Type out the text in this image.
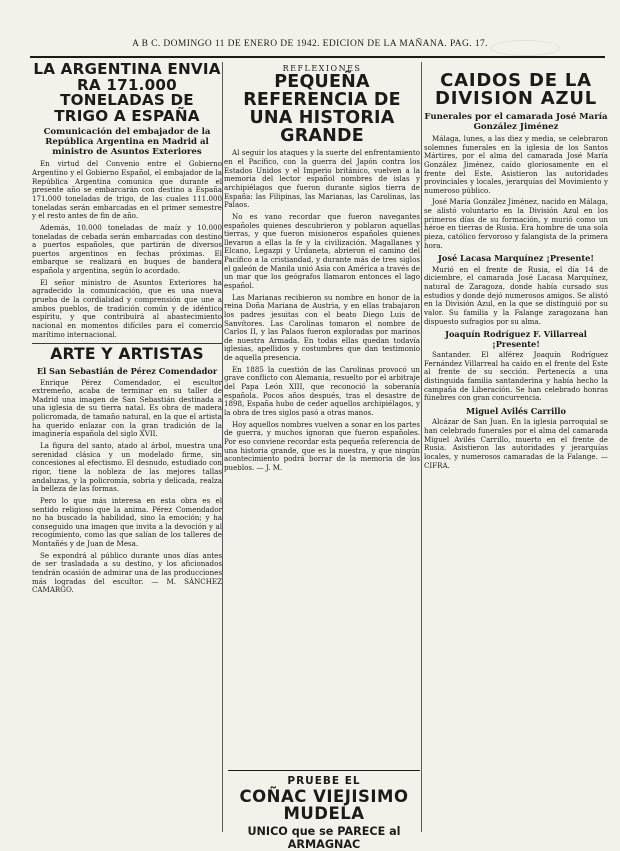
A B C. DOMINGO 11 DE ENERO DE 1942. EDICION DE LA MAÑANA. PAG. 17.
LA ARGENTINA ENVIA RA 171.000 TONELADAS DE TRIGO A ESPAÑA
Comunicación del embajador de la República Argentina en Madrid al ministro de Asuntos Exteriores

En virtud del Convenio entre el Gobierno Argentino y el Gobierno Español, el embajador de la República Argentina comunica que durante el presente año se embarcarán con destino a España 171.000 toneladas de trigo, de las cuales 111.000 toneladas serán embarcadas en el primer semestre y el resto antes de fin de año.

Además, 10.000 toneladas de maíz y 10.000 toneladas de cebada serán embarcadas con destino a puertos españoles, que partirán de diversos puertos argentinos en fechas próximas. El embarque se realizará en buques de bandera española y argentina, según lo acordado.

El señor ministro de Asuntos Exteriores ha agradecido la comunicación, que es una nueva prueba de la cordialidad y comprensión que une a ambos pueblos, de tradición común y de idéntico espíritu, y que contribuirá al abastecimiento nacional en momentos difíciles para el comercio marítimo internacional.

ARTE Y ARTISTAS
El San Sebastián de Pérez Comendador

Enrique Pérez Comendador, el escultor extremeño, acaba de terminar en su taller de Madrid una imagen de San Sebastián destinada a una iglesia de su tierra natal. Es obra de madera policromada, de tamaño natural, en la que el artista ha querido enlazar con la gran tradición de la imaginería española del siglo XVII.

La figura del santo, atado al árbol, muestra una serenidad clásica y un modelado firme, sin concesiones al efectismo. El desnudo, estudiado con rigor, tiene la nobleza de las mejores tallas andaluzas, y la policromía, sobria y delicada, realza la belleza de las formas.

Pero lo que más interesa en esta obra es el sentido religioso que la anima. Pérez Comendador no ha buscado la habilidad, sino la emoción; y ha conseguido una imagen que invita a la devoción y al recogimiento, como las que salían de los talleres de Montañés y de Juan de Mesa.

Se expondrá al público durante unos días antes de ser trasladada a su destino, y los aficionados tendrán ocasión de admirar una de las producciones más logradas del escultor. — M. SÁNCHEZ CAMARGO.

REFLEXIONES
PEQUEÑA REFERENCIA DE UNA HISTORIA GRANDE

Al seguir los ataques y la suerte del enfrentamiento en el Pacífico, con la guerra del Japón contra los Estados Unidos y el Imperio británico, vuelven a la memoria del lector español nombres de islas y archipiélagos que fueron durante siglos tierra de España: las Filipinas, las Marianas, las Carolinas, las Palaos.

No es vano recordar que fueron navegantes españoles quienes descubrieron y poblaron aquellas tierras, y que fueron misioneros españoles quienes llevaron a ellas la fe y la civilización. Magallanes y Elcano, Legazpi y Urdaneta, abrieron el camino del Pacífico a la cristiandad, y durante más de tres siglos el galeón de Manila unió Asia con América a través de un mar que los geógrafos llamaron entonces el lago español.

Las Marianas recibieron su nombre en honor de la reina Doña Mariana de Austria, y en ellas trabajaron los padres jesuitas con el beato Diego Luis de Sanvítores. Las Carolinas tomaron el nombre de Carlos II, y las Palaos fueron exploradas por marinos de nuestra Armada. En todas ellas quedan todavía iglesias, apellidos y costumbres que dan testimonio de aquella presencia.

En 1885 la cuestión de las Carolinas provocó un grave conflicto con Alemania, resuelto por el arbitraje del Papa León XIII, que reconoció la soberanía española. Pocos años después, tras el desastre de 1898, España hubo de ceder aquellos archipiélagos, y la obra de tres siglos pasó a otras manos.

Hoy aquellos nombres vuelven a sonar en los partes de guerra, y muchos ignoran que fueron españoles. Por eso conviene recordar esta pequeña referencia de una historia grande, que es la nuestra, y que ningún acontecimiento podrá borrar de la memoria de los pueblos. — J. M.

PRUEBE EL
COÑAC VIEJISIMO MUDELA
UNICO que se PARECE al ARMAGNAC
CAIDOS DE LA DIVISION AZUL
Funerales por el camarada José María González Jiménez

Málaga, lunes, a las diez y media, se celebraron solemnes funerales en la iglesia de los Santos Mártires, por el alma del camarada José María González Jiménez, caído gloriosamente en el frente del Este. Asistieron las autoridades provinciales y locales, jerarquías del Movimiento y numeroso público.

José María González Jiménez, nacido en Málaga, se alistó voluntario en la División Azul en los primeros días de su formación, y murió como un héroe en tierras de Rusia. Era hombre de una sola pieza, católico fervoroso y falangista de la primera hora.

José Lacasa Marquínez ¡Presente!

Murió en el frente de Rusia, el día 14 de diciembre, el camarada José Lacasa Marquínez, natural de Zaragoza, donde había cursado sus estudios y donde dejó numerosos amigos. Se alistó en la División Azul, en la que se distinguió por su valor. Su familia y la Falange zaragozana han dispuesto sufragios por su alma.

Joaquín Rodríguez F. Villarreal ¡Presente!

Santander. El alférez Joaquín Rodríguez Fernández Villarreal ha caído en el frente del Este al frente de su sección. Pertenecía a una distinguida familia santanderina y había hecho la campaña de Liberación. Se han celebrado honras fúnebres con gran concurrencia.

Miguel Avilés Carrillo

Alcázar de San Juan. En la iglesia parroquial se han celebrado funerales por el alma del camarada Miguel Avilés Carrillo, muerto en el frente de Rusia. Asistieron las autoridades y jerarquías locales, y numerosos camaradas de la Falange. — CIFRA.
